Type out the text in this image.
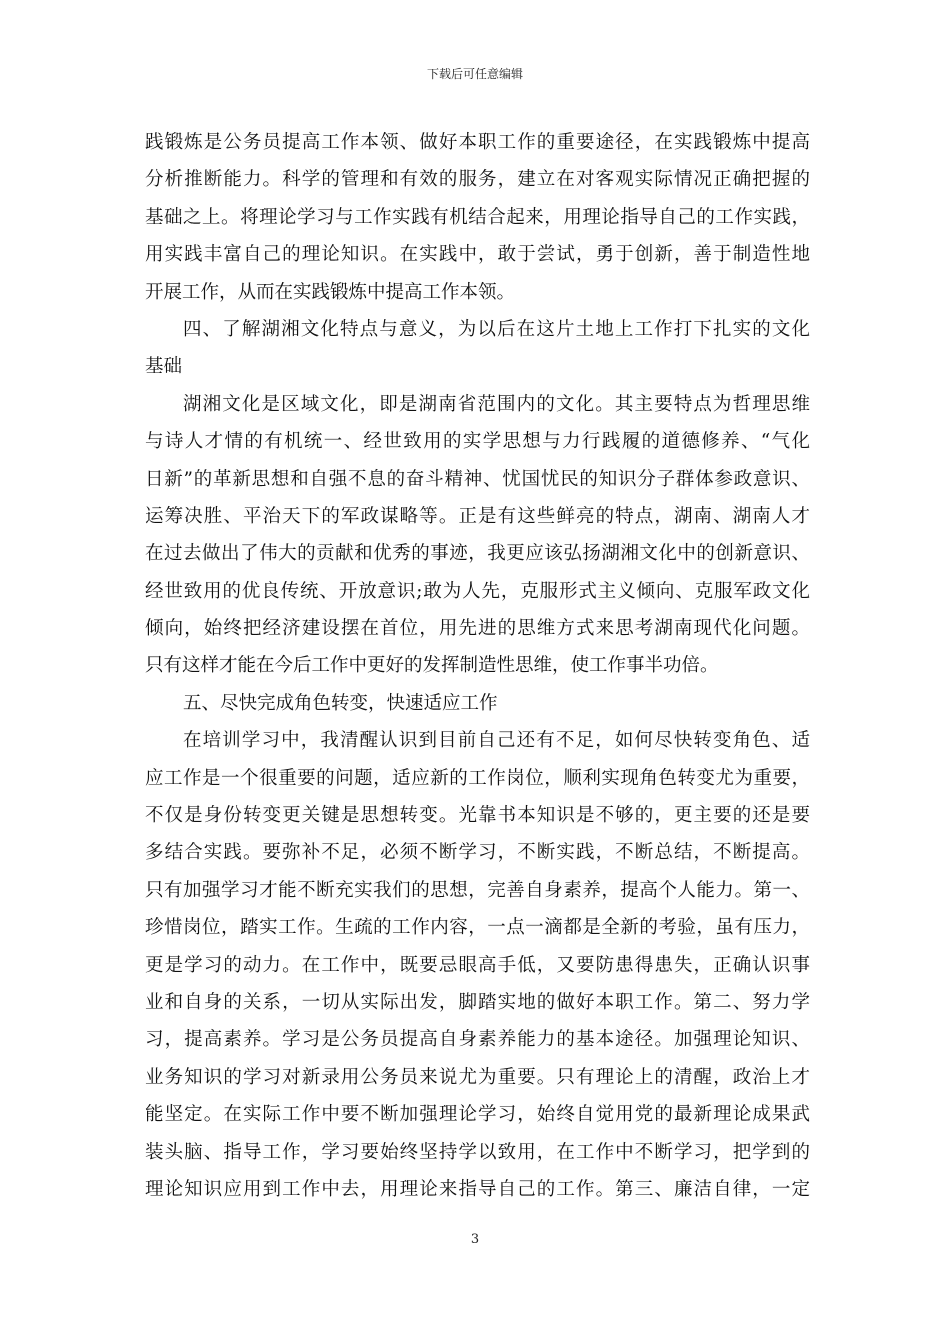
下载后可任意编辑
践锻炼是公务员提高工作本领、做好本职工作的重要途径，在实践锻炼中提高
分析推断能力。科学的管理和有效的服务，建立在对客观实际情况正确把握的
基础之上。将理论学习与工作实践有机结合起来，用理论指导自己的工作实践，
用实践丰富自己的理论知识。在实践中，敢于尝试，勇于创新，善于制造性地
开展工作，从而在实践锻炼中提高工作本领。
四、了解湖湘文化特点与意义，为以后在这片土地上工作打下扎实的文化
基础
湖湘文化是区域文化，即是湖南省范围内的文化。其主要特点为哲理思维
与诗人才情的有机统一、经世致用的实学思想与力行践履的道德修养、“气化
日新”的革新思想和自强不息的奋斗精神、忧国忧民的知识分子群体参政意识、
运筹决胜、平治天下的军政谋略等。正是有这些鲜亮的特点，湖南、湖南人才
在过去做出了伟大的贡献和优秀的事迹，我更应该弘扬湖湘文化中的创新意识、
经世致用的优良传统、开放意识;敢为人先，克服形式主义倾向、克服军政文化
倾向，始终把经济建设摆在首位，用先进的思维方式来思考湖南现代化问题。
只有这样才能在今后工作中更好的发挥制造性思维，使工作事半功倍。
五、尽快完成角色转变，快速适应工作
在培训学习中，我清醒认识到目前自己还有不足，如何尽快转变角色、适
应工作是一个很重要的问题，适应新的工作岗位，顺利实现角色转变尤为重要，
不仅是身份转变更关键是思想转变。光靠书本知识是不够的，更主要的还是要
多结合实践。要弥补不足，必须不断学习，不断实践，不断总结，不断提高。
只有加强学习才能不断充实我们的思想，完善自身素养，提高个人能力。第一、
珍惜岗位，踏实工作。生疏的工作内容，一点一滴都是全新的考验，虽有压力，
更是学习的动力。在工作中，既要忌眼高手低，又要防患得患失，正确认识事
业和自身的关系，一切从实际出发，脚踏实地的做好本职工作。第二、努力学
习，提高素养。学习是公务员提高自身素养能力的基本途径。加强理论知识、
业务知识的学习对新录用公务员来说尤为重要。只有理论上的清醒，政治上才
能坚定。在实际工作中要不断加强理论学习，始终自觉用党的最新理论成果武
装头脑、指导工作，学习要始终坚持学以致用，在工作中不断学习，把学到的
理论知识应用到工作中去，用理论来指导自己的工作。第三、廉洁自律，一定
3
